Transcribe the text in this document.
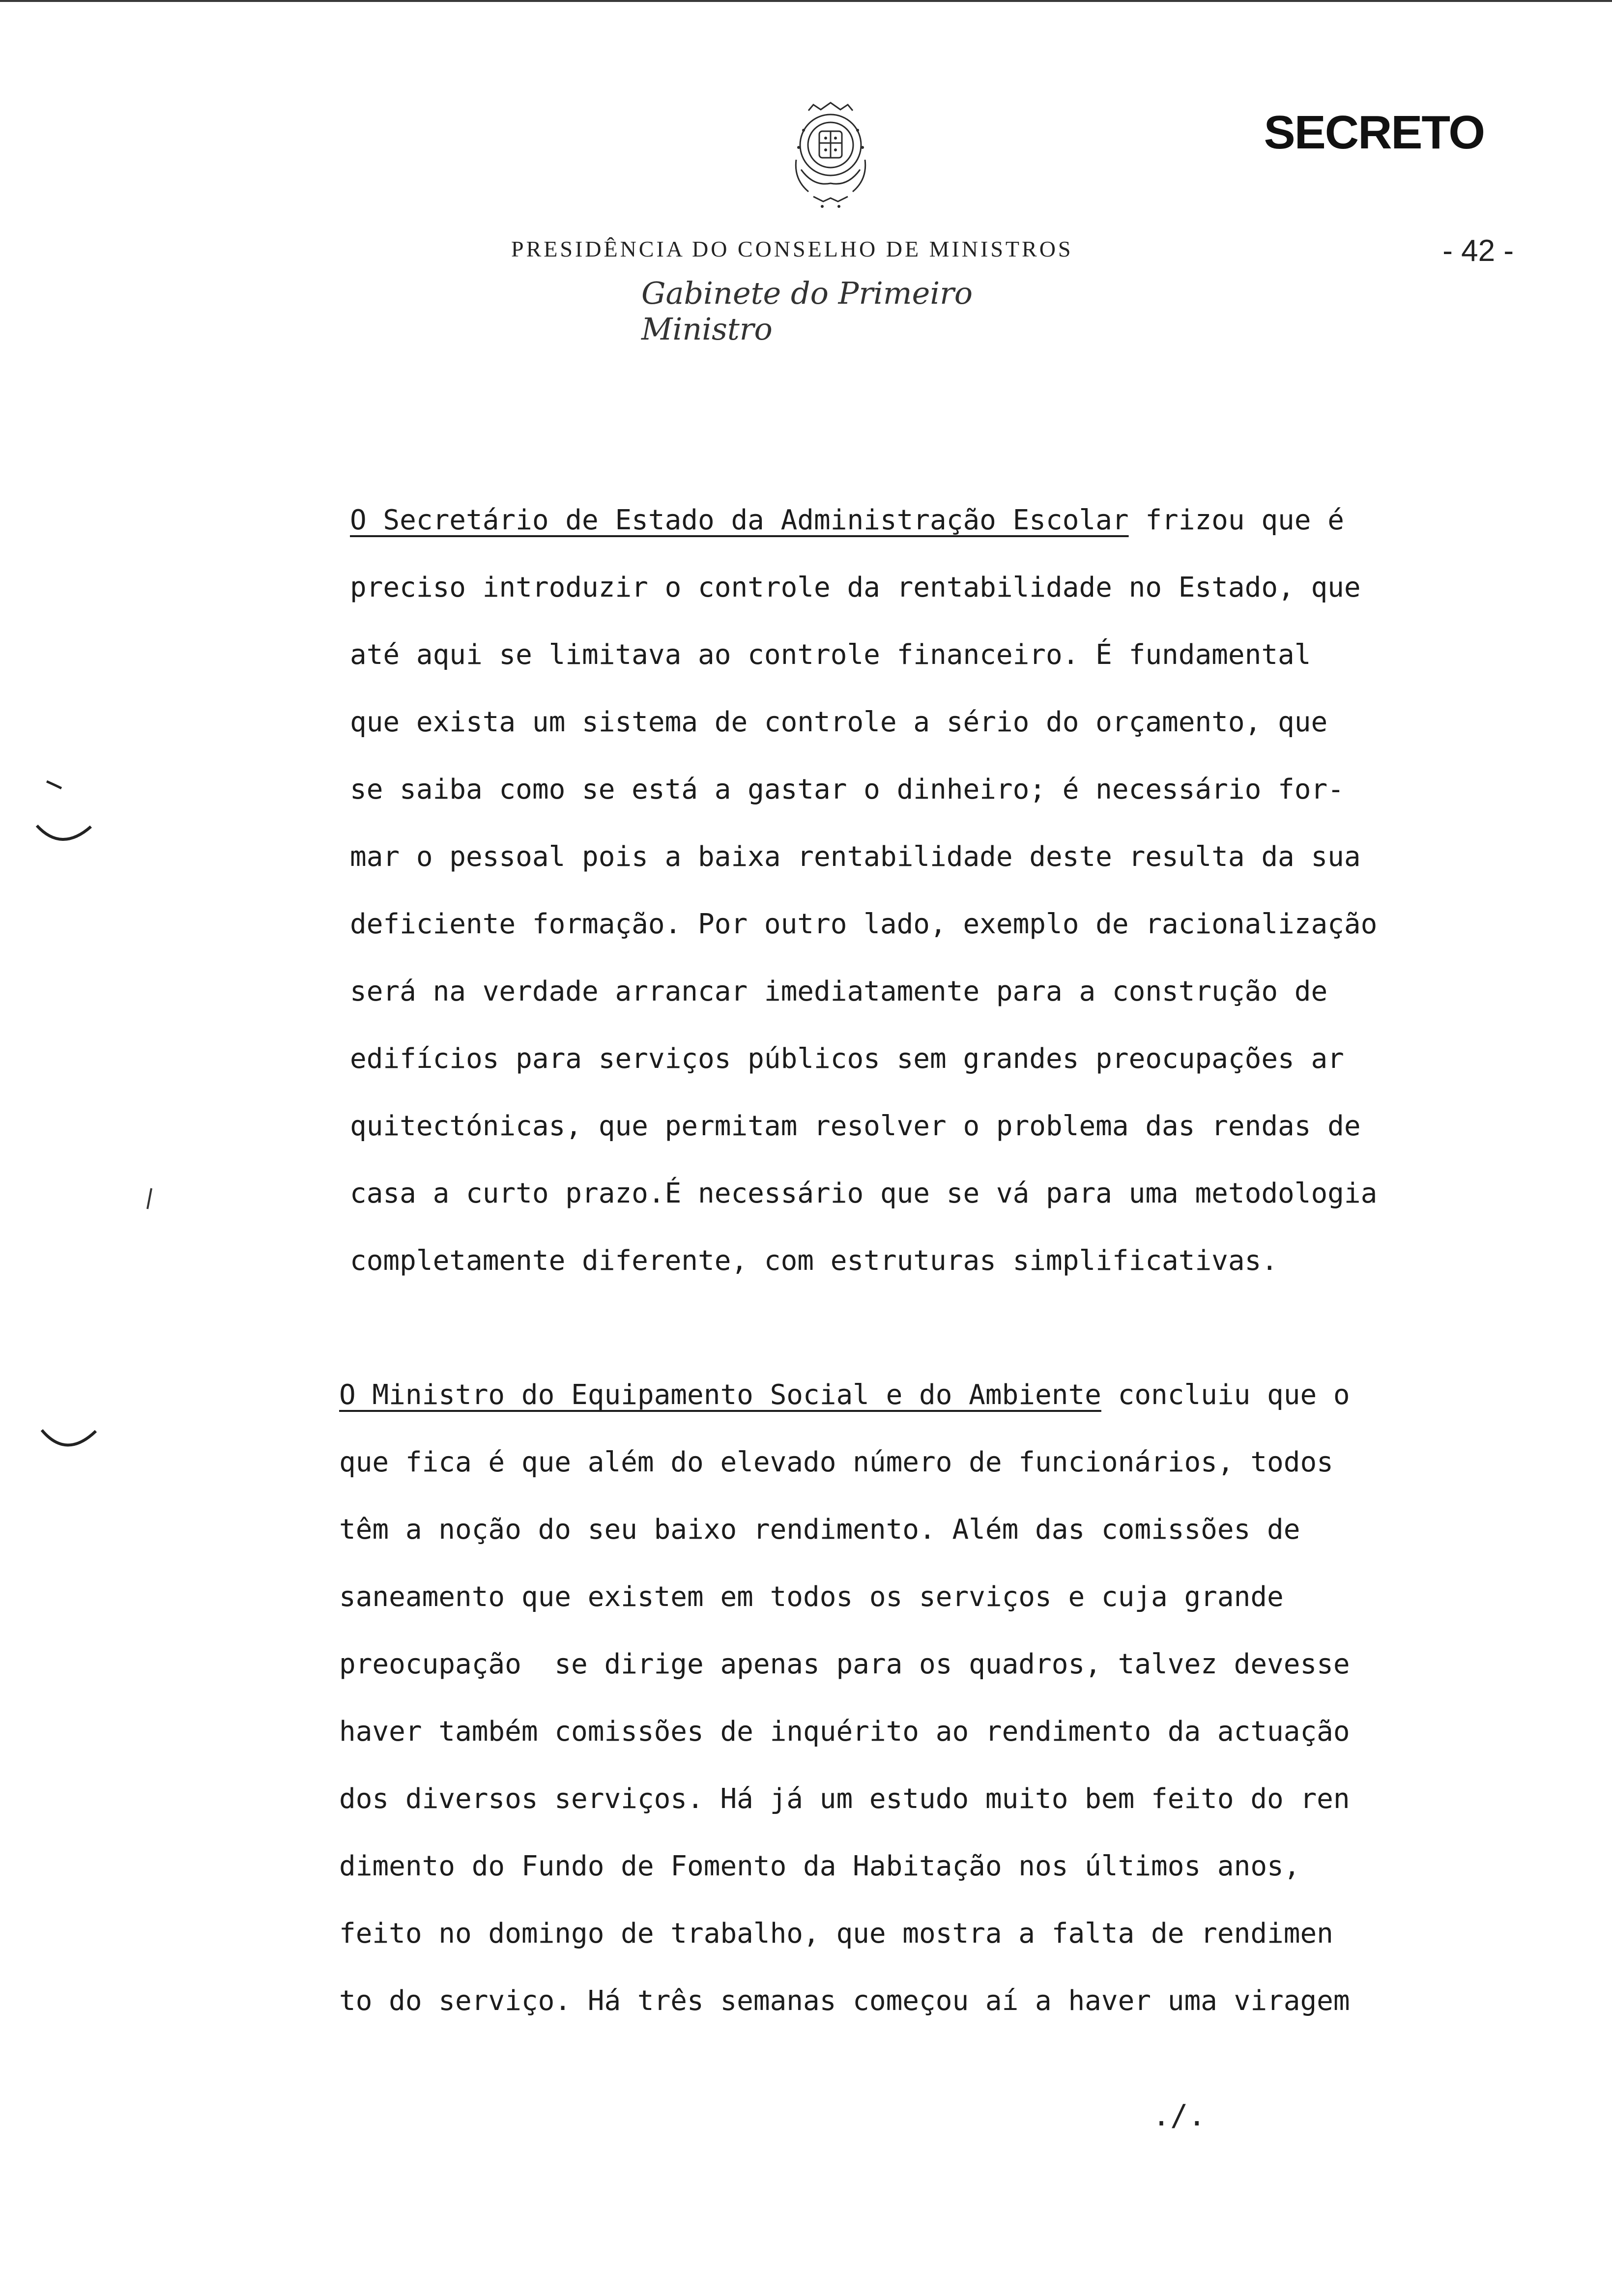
SECRETO
- 42 -
PRESIDÊNCIA DO CONSELHO DE MINISTROS
Gabinete do Primeiro Ministro
O Secretário de Estado da Administração Escolar frizou que é
preciso introduzir o controle da rentabilidade no Estado, que
até aqui se limitava ao controle financeiro. É fundamental
que exista um sistema de controle a sério do orçamento, que
se saiba como se está a gastar o dinheiro; é necessário for-
mar o pessoal pois a baixa rentabilidade deste resulta da sua
deficiente formação. Por outro lado, exemplo de racionalização
será na verdade arrancar imediatamente para a construção de
edifícios para serviços públicos sem grandes preocupações ar
quitectónicas, que permitam resolver o problema das rendas de
casa a curto prazo.É necessário que se vá para uma metodologia
completamente diferente, com estruturas simplificativas.
O Ministro do Equipamento Social e do Ambiente concluiu que o
que fica é que além do elevado número de funcionários, todos
têm a noção do seu baixo rendimento. Além das comissões de
saneamento que existem em todos os serviços e cuja grande
preocupação  se dirige apenas para os quadros, talvez devesse
haver também comissões de inquérito ao rendimento da actuação
dos diversos serviços. Há já um estudo muito bem feito do ren
dimento do Fundo de Fomento da Habitação nos últimos anos,
feito no domingo de trabalho, que mostra a falta de rendimen
to do serviço. Há três semanas começou aí a haver uma viragem
./.
